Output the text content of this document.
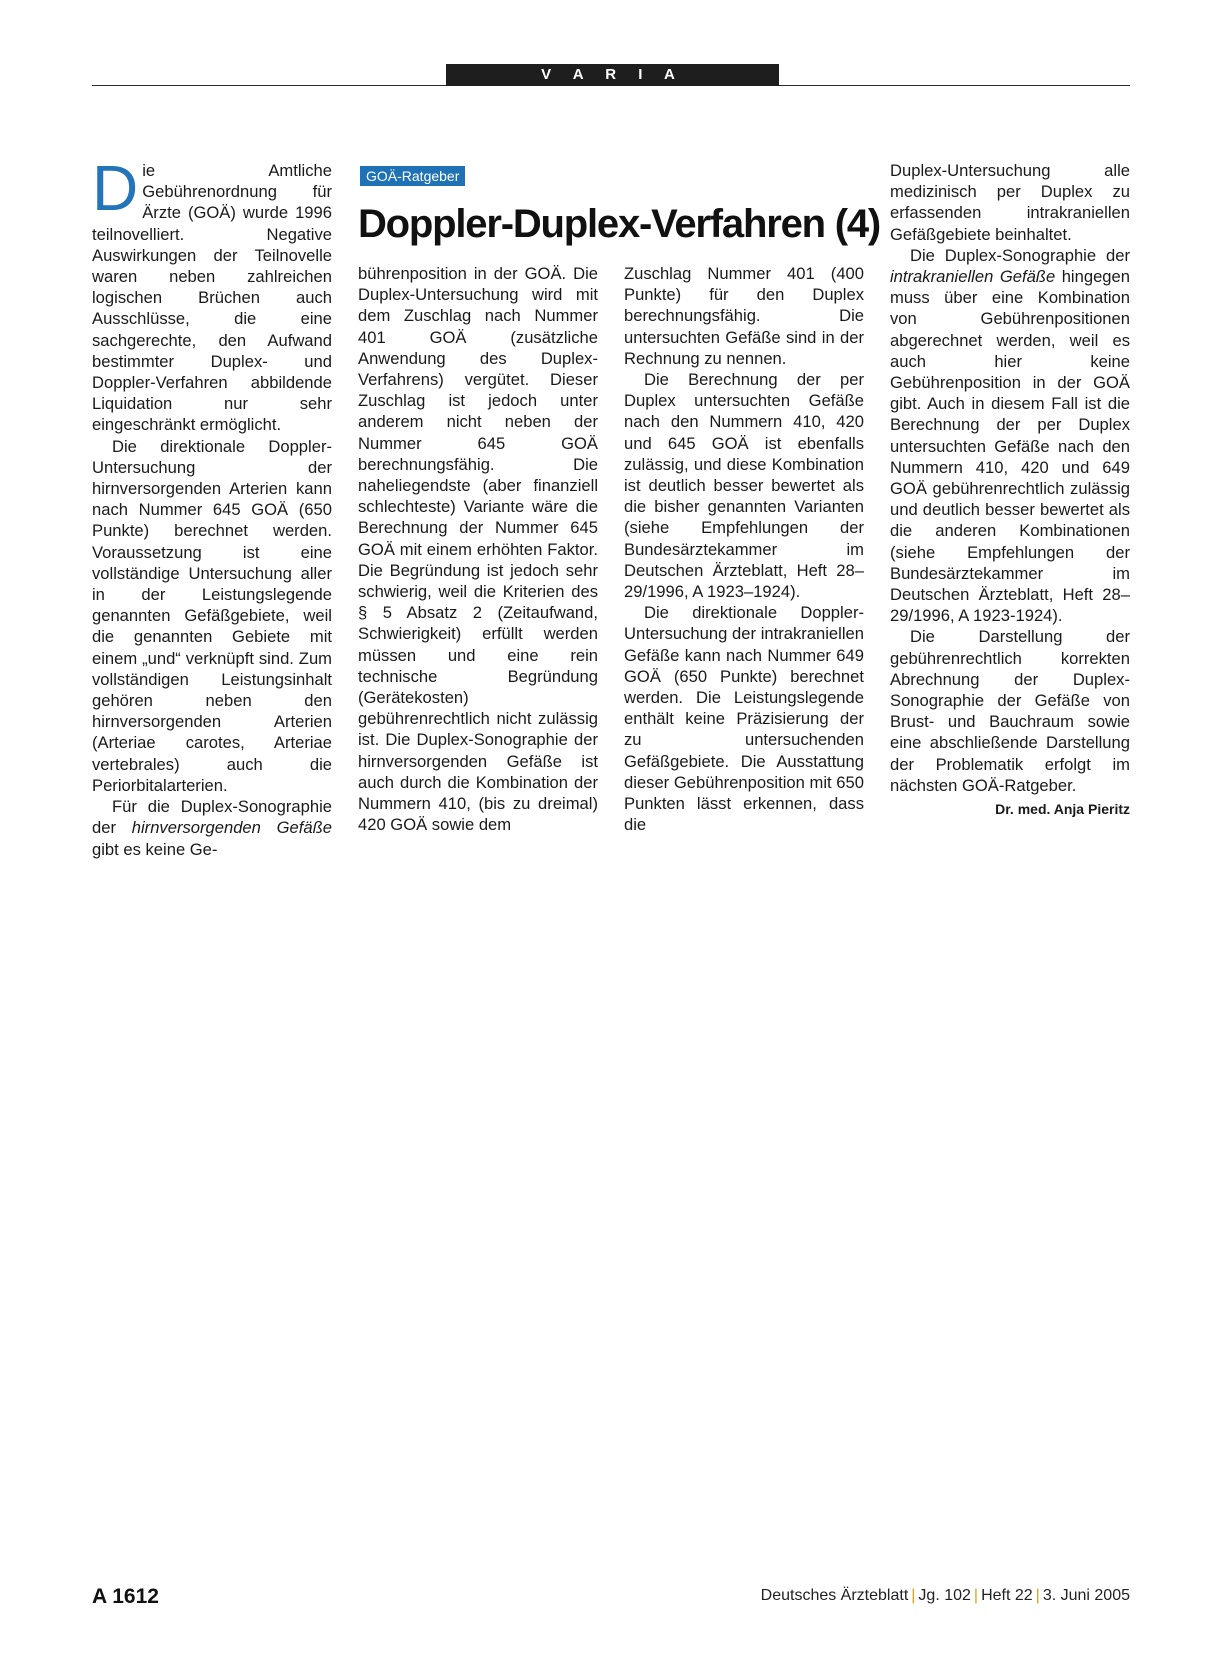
V A R I A
GOÄ-Ratgeber
Doppler-Duplex-Verfahren (4)

Die Amtliche Gebührenordnung für Ärzte (GOÄ) wurde 1996 teilnovelliert. Negative Auswirkungen der Teilnovelle waren neben zahlreichen logischen Brüchen auch Ausschlüsse, die eine sachgerechte, den Aufwand bestimmter Duplex- und Doppler-Verfahren abbildende Liquidation nur sehr eingeschränkt ermöglicht.

Die direktionale Doppler-Untersuchung der hirnversorgenden Arterien kann nach Nummer 645 GOÄ (650 Punkte) berechnet werden. Voraussetzung ist eine vollständige Untersuchung aller in der Leistungslegende genannten Gefäßgebiete, weil die genannten Gebiete mit einem „und“ verknüpft sind. Zum vollständigen Leistungsinhalt gehören neben den hirnversorgenden Arterien (Arteriae carotes, Arteriae vertebrales) auch die Periorbitalarterien.

Für die Duplex-Sonographie der hirnversorgenden Gefäße gibt es keine Ge-

bührenposition in der GOÄ. Die Duplex-Untersuchung wird mit dem Zuschlag nach Nummer 401 GOÄ (zusätzliche Anwendung des Duplex-Verfahrens) vergütet. Dieser Zuschlag ist jedoch unter anderem nicht neben der Nummer 645 GOÄ berechnungsfähig. Die naheliegendste (aber finanziell schlechteste) Variante wäre die Berechnung der Nummer 645 GOÄ mit einem erhöhten Faktor. Die Begründung ist jedoch sehr schwierig, weil die Kriterien des § 5 Absatz 2 (Zeitaufwand, Schwierigkeit) erfüllt werden müssen und eine rein technische Begründung (Gerätekosten) gebührenrechtlich nicht zulässig ist. Die Duplex-Sonographie der hirnversorgenden Gefäße ist auch durch die Kombination der Nummern 410, (bis zu dreimal) 420 GOÄ sowie dem

Zuschlag Nummer 401 (400 Punkte) für den Duplex berechnungsfähig. Die untersuchten Gefäße sind in der Rechnung zu nennen.

Die Berechnung der per Duplex untersuchten Gefäße nach den Nummern 410, 420 und 645 GOÄ ist ebenfalls zulässig, und diese Kombination ist deutlich besser bewertet als die bisher genannten Varianten (siehe Empfehlungen der Bundesärztekammer im Deutschen Ärzteblatt, Heft 28–29/1996, A 1923–1924).

Die direktionale Doppler-Untersuchung der intrakraniellen Gefäße kann nach Nummer 649 GOÄ (650 Punkte) berechnet werden. Die Leistungslegende enthält keine Präzisierung der zu untersuchenden Gefäßgebiete. Die Ausstattung dieser Gebührenposition mit 650 Punkten lässt erkennen, dass die

Duplex-Untersuchung alle medizinisch per Duplex zu erfassenden intrakraniellen Gefäßgebiete beinhaltet.

Die Duplex-Sonographie der intrakraniellen Gefäße hingegen muss über eine Kombination von Gebührenpositionen abgerechnet werden, weil es auch hier keine Gebührenposition in der GOÄ gibt. Auch in diesem Fall ist die Berechnung der per Duplex untersuchten Gefäße nach den Nummern 410, 420 und 649 GOÄ gebührenrechtlich zulässig und deutlich besser bewertet als die anderen Kombinationen (siehe Empfehlungen der Bundesärztekammer im Deutschen Ärzteblatt, Heft 28–29/1996, A 1923-1924).

Die Darstellung der gebührenrechtlich korrekten Abrechnung der Duplex-Sonographie der Gefäße von Brust- und Bauchraum sowie eine abschließende Darstellung der Problematik erfolgt im nächsten GOÄ-Ratgeber.
Dr. med. Anja Pieritz

A 1612	Deutsches Ärzteblatt | Jg. 102 | Heft 22 | 3. Juni 2005
